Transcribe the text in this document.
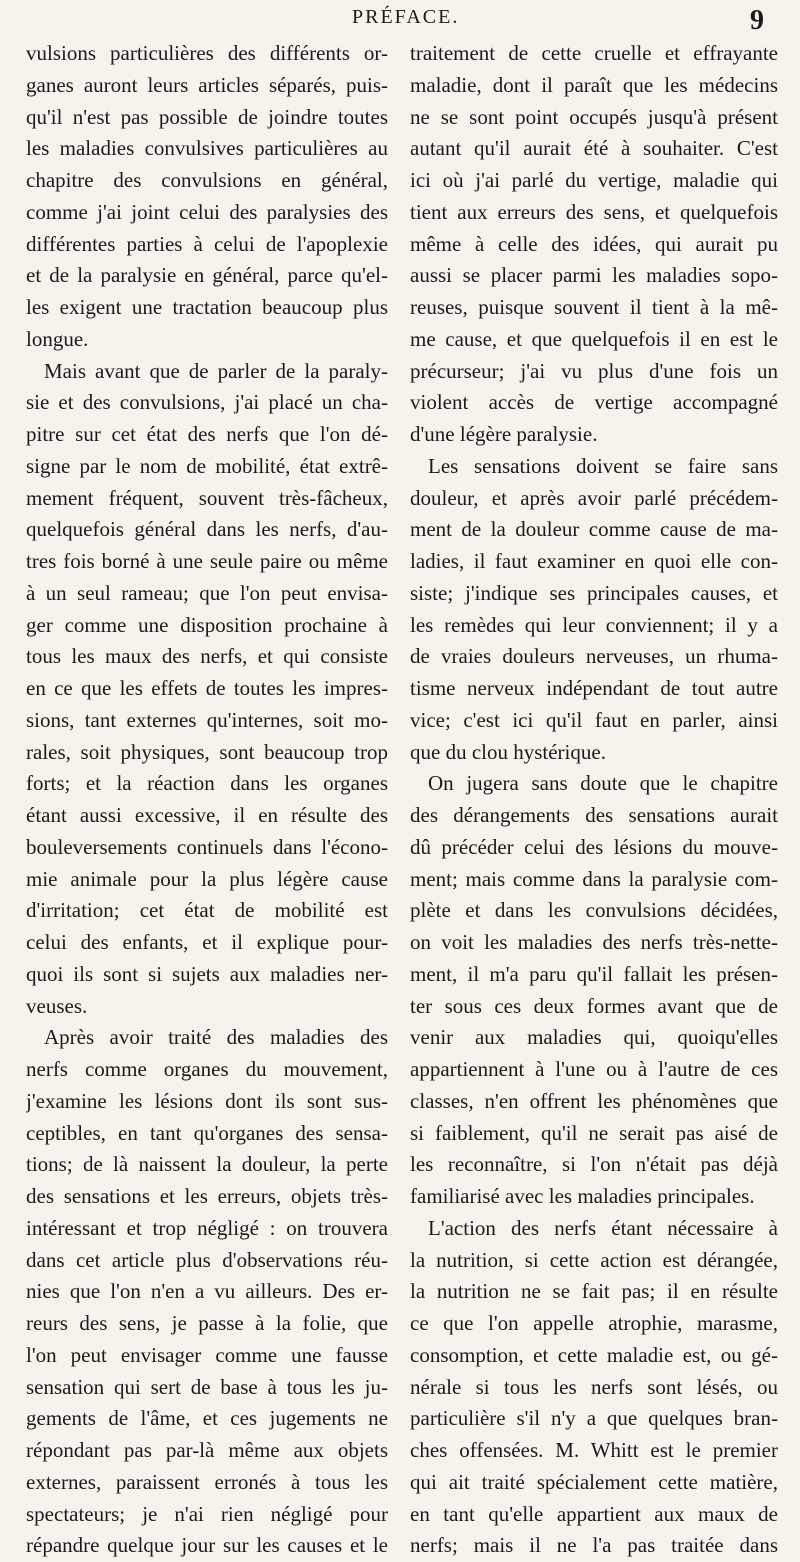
PRÉFACE.	9
vulsions particulières des différents or-
ganes auront leurs articles séparés, puis-
qu'il n'est pas possible de joindre toutes
les maladies convulsives particulières au
chapitre des convulsions en général,
comme j'ai joint celui des paralysies des
différentes parties à celui de l'apoplexie
et de la paralysie en général, parce qu'el-
les exigent une tractation beaucoup plus
longue.
Mais avant que de parler de la paraly-
sie et des convulsions, j'ai placé un cha-
pitre sur cet état des nerfs que l'on dé-
signe par le nom de mobilité, état extrê-
mement fréquent, souvent très-fâcheux,
quelquefois général dans les nerfs, d'au-
tres fois borné à une seule paire ou même
à un seul rameau; que l'on peut envisa-
ger comme une disposition prochaine à
tous les maux des nerfs, et qui consiste
en ce que les effets de toutes les impres-
sions, tant externes qu'internes, soit mo-
rales, soit physiques, sont beaucoup trop
forts; et la réaction dans les organes
étant aussi excessive, il en résulte des
bouleversements continuels dans l'écono-
mie animale pour la plus légère cause
d'irritation; cet état de mobilité est
celui des enfants, et il explique pour-
quoi ils sont si sujets aux maladies ner-
veuses.
Après avoir traité des maladies des
nerfs comme organes du mouvement,
j'examine les lésions dont ils sont sus-
ceptibles, en tant qu'organes des sensa-
tions; de là naissent la douleur, la perte
des sensations et les erreurs, objets très-
intéressant et trop négligé : on trouvera
dans cet article plus d'observations réu-
nies que l'on n'en a vu ailleurs. Des er-
reurs des sens, je passe à la folie, que
l'on peut envisager comme une fausse
sensation qui sert de base à tous les ju-
gements de l'âme, et ces jugements ne
répondant pas par-là même aux objets
externes, paraissent erronés à tous les
spectateurs; je n'ai rien négligé pour
répandre quelque jour sur les causes et le
traitement de cette cruelle et effrayante
maladie, dont il paraît que les médecins
ne se sont point occupés jusqu'à présent
autant qu'il aurait été à souhaiter. C'est
ici où j'ai parlé du vertige, maladie qui
tient aux erreurs des sens, et quelquefois
même à celle des idées, qui aurait pu
aussi se placer parmi les maladies sopo-
reuses, puisque souvent il tient à la mê-
me cause, et que quelquefois il en est le
précurseur; j'ai vu plus d'une fois un
violent accès de vertige accompagné
d'une légère paralysie.
Les sensations doivent se faire sans
douleur, et après avoir parlé précédem-
ment de la douleur comme cause de ma-
ladies, il faut examiner en quoi elle con-
siste; j'indique ses principales causes, et
les remèdes qui leur conviennent; il y a
de vraies douleurs nerveuses, un rhuma-
tisme nerveux indépendant de tout autre
vice; c'est ici qu'il faut en parler, ainsi
que du clou hystérique.
On jugera sans doute que le chapitre
des dérangements des sensations aurait
dû précéder celui des lésions du mouve-
ment; mais comme dans la paralysie com-
plète et dans les convulsions décidées,
on voit les maladies des nerfs très-nette-
ment, il m'a paru qu'il fallait les présen-
ter sous ces deux formes avant que de
venir aux maladies qui, quoiqu'elles
appartiennent à l'une ou à l'autre de ces
classes, n'en offrent les phénomènes que
si faiblement, qu'il ne serait pas aisé de
les reconnaître, si l'on n'était pas déjà
familiarisé avec les maladies principales.
L'action des nerfs étant nécessaire à
la nutrition, si cette action est dérangée,
la nutrition ne se fait pas; il en résulte
ce que l'on appelle atrophie, marasme,
consomption, et cette maladie est, ou gé-
nérale si tous les nerfs sont lésés, ou
particulière s'il n'y a que quelques bran-
ches offensées. M. Whitt est le premier
qui ait traité spécialement cette matière,
en tant qu'elle appartient aux maux de
nerfs; mais il ne l'a pas traitée dans
